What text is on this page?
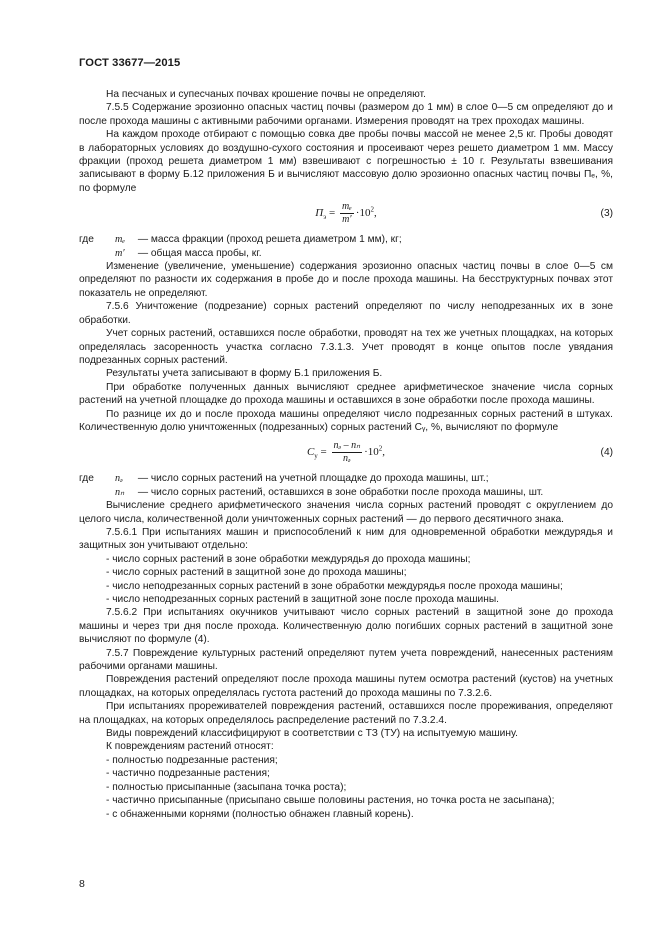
ГОСТ 33677—2015

На песчаных и супесчаных почвах крошение почвы не определяют.

7.5.5 Содержание эрозионно опасных частиц почвы (размером до 1 мм) в слое 0—5 см определяют до и после прохода машины с активными рабочими органами. Измерения проводят на трех проходах машины.

На каждом проходе отбирают с помощью совка две пробы почвы массой не менее 2,5 кг. Пробы доводят в лабораторных условиях до воздушно-сухого состояния и просеивают через решето диаметром 1 мм. Массу фракции (проход решета диаметром 1 мм) взвешивают с погрешностью ± 10 г. Результаты взвешивания записывают в форму Б.12 приложения Б и вычисляют массовую долю эрозионно опасных частиц почвы Пₑ, %, по формуле

$П_э = \frac{\text{mₑ}}{m'} \cdot 10^2$,	(3)
где mₑ — масса фракции (проход решета диаметром 1 мм), кг;
m′ — общая масса пробы, кг.

Изменение (увеличение, уменьшение) содержания эрозионно опасных частиц почвы в слое 0—5 см определяют по разности их содержания в пробе до и после прохода машины. На бесструктурных почвах этот показатель не определяют.

7.5.6 Уничтожение (подрезание) сорных растений определяют по числу неподрезанных их в зоне обработки.

Учет сорных растений, оставшихся после обработки, проводят на тех же учетных площадках, на которых определялась засоренность участка согласно 7.3.1.3. Учет проводят в конце опытов после увядания подрезанных сорных растений.

Результаты учета записывают в форму Б.1 приложения Б.

При обработке полученных данных вычисляют среднее арифметическое значение числа сорных растений на учетной площадке до прохода машины и оставшихся в зоне обработки после прохода машины.

По разнице их до и после прохода машины определяют число подрезанных сорных растений в штуках. Количественную долю уничтоженных (подрезанных) сорных растений Cᵧ, %, вычисляют по формуле

$C_у = \frac{\text{nₔ – nₙ}}{\text{nₔ}} \cdot 10^2$,	(4)
где nₔ — число сорных растений на учетной площадке до прохода машины, шт.;
nₙ — число сорных растений, оставшихся в зоне обработки после прохода машины, шт.

Вычисление среднего арифметического значения числа сорных растений проводят с округлением до целого числа, количественной доли уничтоженных сорных растений — до первого десятичного знака.

7.5.6.1 При испытаниях машин и приспособлений к ним для одновременной обработки междурядья и защитных зон учитывают отдельно:

- число сорных растений в зоне обработки междурядья до прохода машины;

- число сорных растений в защитной зоне до прохода машины;

- число неподрезанных сорных растений в зоне обработки междурядья после прохода машины;

- число неподрезанных сорных растений в защитной зоне после прохода машины.

7.5.6.2 При испытаниях окучников учитывают число сорных растений в защитной зоне до прохода машины и через три дня после прохода. Количественную долю погибших сорных растений в защитной зоне вычисляют по формуле (4).

7.5.7 Повреждение культурных растений определяют путем учета повреждений, нанесенных растениям рабочими органами машины.

Повреждения растений определяют после прохода машины путем осмотра растений (кустов) на учетных площадках, на которых определялась густота растений до прохода машины по 7.3.2.6.

При испытаниях прореживателей повреждения растений, оставшихся после прореживания, определяют на площадках, на которых определялось распределение растений по 7.3.2.4.

Виды повреждений классифицируют в соответствии с ТЗ (ТУ) на испытуемую машину.

К повреждениям растений относят:

- полностью подрезанные растения;

- частично подрезанные растения;

- полностью присыпанные (засыпана точка роста);

- частично присыпанные (присыпано свыше половины растения, но точка роста не засыпана);

- с обнаженными корнями (полностью обнажен главный корень).

8
